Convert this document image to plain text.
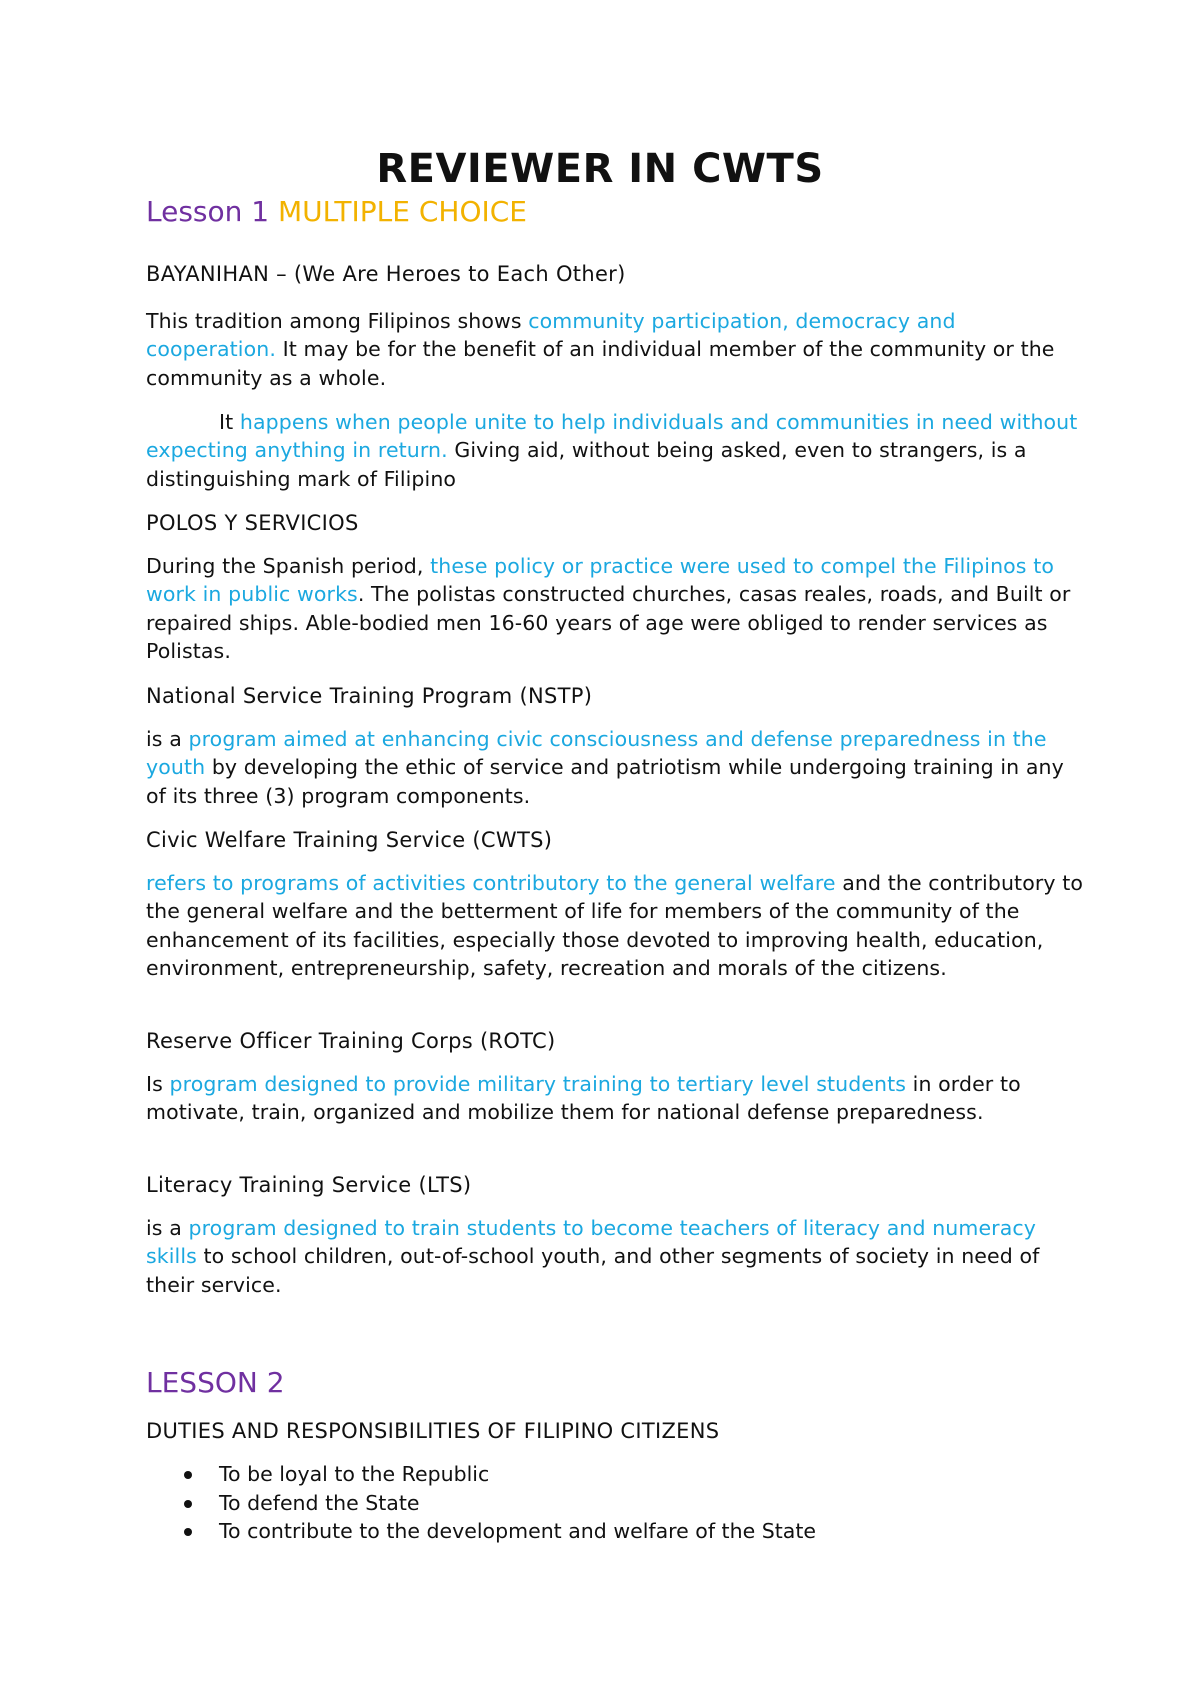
REVIEWER IN CWTS
Lesson 1 MULTIPLE CHOICE
BAYANIHAN – (We Are Heroes to Each Other)

This tradition among Filipinos shows community participation, democracy and cooperation. It may be for the benefit of an individual member of the community or the community as a whole.

It happens when people unite to help individuals and communities in need without expecting anything in return. Giving aid, without being asked, even to strangers, is a distinguishing mark of Filipino

POLOS Y SERVICIOS

During the Spanish period, these policy or practice were used to compel the Filipinos to work in public works. The polistas constructed churches, casas reales, roads, and Built or repaired ships. Able-bodied men 16-60 years of age were obliged to render services as Polistas.

National Service Training Program (NSTP)

is a program aimed at enhancing civic consciousness and defense preparedness in the youth by developing the ethic of service and patriotism while undergoing training in any of its three (3) program components.

Civic Welfare Training Service (CWTS)

refers to programs of activities contributory to the general welfare and the contributory to the general welfare and the betterment of life for members of the community of the enhancement of its facilities, especially those devoted to improving health, education, environment, entrepreneurship, safety, recreation and morals of the citizens.

Reserve Officer Training Corps (ROTC)

Is program designed to provide military training to tertiary level students in order to motivate, train, organized and mobilize them for national defense preparedness.

Literacy Training Service (LTS)

is a program designed to train students to become teachers of literacy and numeracy skills to school children, out-of-school youth, and other segments of society in need of their service.

LESSON 2
DUTIES AND RESPONSIBILITIES OF FILIPINO CITIZENS
To be loyal to the Republic
To defend the State
To contribute to the development and welfare of the State
